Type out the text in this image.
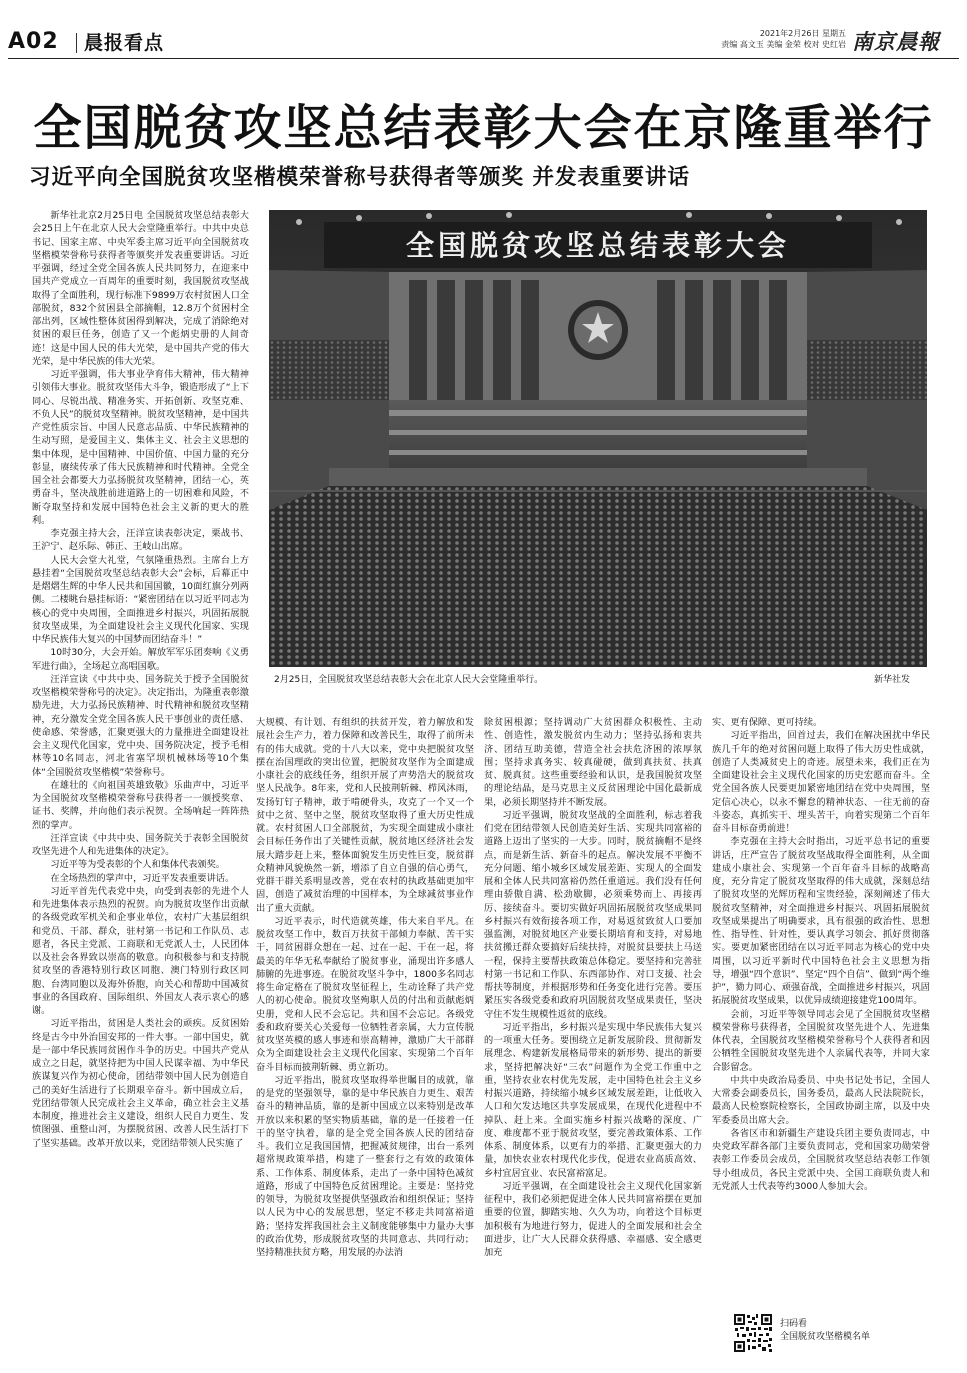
A02 晨报看点	2021年2月26日 星期五
责编 高文玉 美编 金荣 校对 史红岩 南京晨報
全国脱贫攻坚总结表彰大会在京隆重举行
习近平向全国脱贫攻坚楷模荣誉称号获得者等颁奖 并发表重要讲话
全国脱贫攻坚总结表彰大会
2月25日，全国脱贫攻坚总结表彰大会在北京人民大会堂隆重举行。	新华社发

新华社北京2月25日电 全国脱贫攻坚总结表彰大会25日上午在北京人民大会堂隆重举行。中共中央总书记、国家主席、中央军委主席习近平向全国脱贫攻坚楷模荣誉称号获得者等颁奖并发表重要讲话。习近平强调，经过全党全国各族人民共同努力，在迎来中国共产党成立一百周年的重要时刻，我国脱贫攻坚战取得了全面胜利，现行标准下9899万农村贫困人口全部脱贫，832个贫困县全部摘帽，12.8万个贫困村全部出列，区域性整体贫困得到解决，完成了消除绝对贫困的艰巨任务，创造了又一个彪炳史册的人间奇迹！这是中国人民的伟大光荣，是中国共产党的伟大光荣，是中华民族的伟大光荣。

习近平强调，伟大事业孕育伟大精神，伟大精神引领伟大事业。脱贫攻坚伟大斗争，锻造形成了“上下同心、尽锐出战、精准务实、开拓创新、攻坚克难、不负人民”的脱贫攻坚精神。脱贫攻坚精神，是中国共产党性质宗旨、中国人民意志品质、中华民族精神的生动写照，是爱国主义、集体主义、社会主义思想的集中体现，是中国精神、中国价值、中国力量的充分彰显，赓续传承了伟大民族精神和时代精神。全党全国全社会都要大力弘扬脱贫攻坚精神，团结一心，英勇奋斗，坚决战胜前进道路上的一切困难和风险，不断夺取坚持和发展中国特色社会主义新的更大的胜利。

李克强主持大会，汪洋宣读表彰决定，栗战书、王沪宁、赵乐际、韩正、王岐山出席。

人民大会堂大礼堂，气氛隆重热烈。主席台上方悬挂着“全国脱贫攻坚总结表彰大会”会标，后幕正中是熠熠生辉的中华人民共和国国徽，10面红旗分列两侧。二楼眺台悬挂标语：“紧密团结在以习近平同志为核心的党中央周围，全面推进乡村振兴，巩固拓展脱贫攻坚成果，为全面建设社会主义现代化国家、实现中华民族伟大复兴的中国梦而团结奋斗！”

10时30分，大会开始。解放军军乐团奏响《义勇军进行曲》，全场起立高唱国歌。

汪洋宣读《中共中央、国务院关于授予全国脱贫攻坚楷模荣誉称号的决定》。决定指出，为隆重表彰激励先进，大力弘扬民族精神、时代精神和脱贫攻坚精神，充分激发全党全国各族人民干事创业的责任感、使命感、荣誉感，汇聚更强大的力量推进全面建设社会主义现代化国家，党中央、国务院决定，授予毛相林等10名同志，河北省塞罕坝机械林场等10个集体“全国脱贫攻坚楷模”荣誉称号。

在雄壮的《向祖国英雄致敬》乐曲声中，习近平为全国脱贫攻坚楷模荣誉称号获得者一一颁授奖章、证书、奖牌，并向他们表示祝贺。全场响起一阵阵热烈的掌声。

汪洋宣读《中共中央、国务院关于表彰全国脱贫攻坚先进个人和先进集体的决定》。

习近平等为受表彰的个人和集体代表颁奖。

在全场热烈的掌声中，习近平发表重要讲话。

习近平首先代表党中央，向受到表彰的先进个人和先进集体表示热烈的祝贺。向为脱贫攻坚作出贡献的各级党政军机关和企事业单位，农村广大基层组织和党员、干部、群众，驻村第一书记和工作队员、志愿者，各民主党派、工商联和无党派人士，人民团体以及社会各界致以崇高的敬意。向积极参与和支持脱贫攻坚的香港特别行政区同胞、澳门特别行政区同胞、台湾同胞以及海外侨胞，向关心和帮助中国减贫事业的各国政府、国际组织、外国友人表示衷心的感谢。

习近平指出，贫困是人类社会的顽疾。反贫困始终是古今中外治国安邦的一件大事。一部中国史，就是一部中华民族同贫困作斗争的历史。中国共产党从成立之日起，就坚持把为中国人民谋幸福、为中华民族谋复兴作为初心使命，团结带领中国人民为创造自己的美好生活进行了长期艰辛奋斗。新中国成立后，党团结带领人民完成社会主义革命，确立社会主义基本制度，推进社会主义建设，组织人民自力更生、发愤图强、重整山河，为摆脱贫困、改善人民生活打下了坚实基础。改革开放以来，党团结带领人民实施了

大规模、有计划、有组织的扶贫开发，着力解放和发展社会生产力，着力保障和改善民生，取得了前所未有的伟大成就。党的十八大以来，党中央把脱贫攻坚摆在治国理政的突出位置，把脱贫攻坚作为全面建成小康社会的底线任务，组织开展了声势浩大的脱贫攻坚人民战争。8年来，党和人民披荆斩棘、栉风沐雨，发扬钉钉子精神，敢于啃硬骨头，攻克了一个又一个贫中之贫、坚中之坚，脱贫攻坚取得了重大历史性成就。农村贫困人口全部脱贫，为实现全面建成小康社会目标任务作出了关键性贡献，脱贫地区经济社会发展大踏步赶上来，整体面貌发生历史性巨变，脱贫群众精神风貌焕然一新，增添了自立自强的信心勇气，党群干群关系明显改善，党在农村的执政基础更加牢固，创造了减贫治理的中国样本，为全球减贫事业作出了重大贡献。

习近平表示，时代造就英雄，伟大来自平凡。在脱贫攻坚工作中，数百万扶贫干部倾力奉献、苦干实干，同贫困群众想在一起、过在一起、干在一起，将最美的年华无私奉献给了脱贫事业，涌现出许多感人肺腑的先进事迹。在脱贫攻坚斗争中，1800多名同志将生命定格在了脱贫攻坚征程上，生动诠释了共产党人的初心使命。脱贫攻坚殉职人员的付出和贡献彪炳史册，党和人民不会忘记。共和国不会忘记。各级党委和政府要关心关爱每一位牺牲者亲属，大力宣传脱贫攻坚英模的感人事迹和崇高精神，激励广大干部群众为全面建设社会主义现代化国家、实现第二个百年奋斗目标而披荆斩棘、勇立新功。

习近平指出，脱贫攻坚取得举世瞩目的成就，靠的是党的坚强领导，靠的是中华民族自力更生、艰苦奋斗的精神品质，靠的是新中国成立以来特别是改革开放以来积累的坚实物质基础，靠的是一任接着一任干的坚守执着，靠的是全党全国各族人民的团结奋斗。我们立足我国国情，把握减贫规律，出台一系列超常规政策举措，构建了一整套行之有效的政策体系、工作体系、制度体系，走出了一条中国特色减贫道路，形成了中国特色反贫困理论。主要是：坚持党的领导，为脱贫攻坚提供坚强政治和组织保证；坚持以人民为中心的发展思想，坚定不移走共同富裕道路；坚持发挥我国社会主义制度能够集中力量办大事的政治优势，形成脱贫攻坚的共同意志、共同行动；坚持精准扶贫方略，用发展的办法消

除贫困根源；坚持调动广大贫困群众积极性、主动性、创造性，激发脱贫内生动力；坚持弘扬和衷共济、团结互助美德，营造全社会扶危济困的浓厚氛围；坚持求真务实、较真碰硬，做到真扶贫、扶真贫、脱真贫。这些重要经验和认识，是我国脱贫攻坚的理论结晶，是马克思主义反贫困理论中国化最新成果，必须长期坚持并不断发展。

习近平强调，脱贫攻坚战的全面胜利，标志着我们党在团结带领人民创造美好生活、实现共同富裕的道路上迈出了坚实的一大步。同时，脱贫摘帽不是终点，而是新生活、新奋斗的起点。解决发展不平衡不充分问题、缩小城乡区域发展差距、实现人的全面发展和全体人民共同富裕仍然任重道远。我们没有任何理由骄傲自满、松劲歇脚，必须乘势而上、再接再厉、接续奋斗。要切实做好巩固拓展脱贫攻坚成果同乡村振兴有效衔接各项工作，对易返贫致贫人口要加强监测，对脱贫地区产业要长期培育和支持，对易地扶贫搬迁群众要搞好后续扶持，对脱贫县要扶上马送一程，保持主要帮扶政策总体稳定。要坚持和完善驻村第一书记和工作队、东西部协作、对口支援、社会帮扶等制度，并根据形势和任务变化进行完善。要压紧压实各级党委和政府巩固脱贫攻坚成果责任，坚决守住不发生规模性返贫的底线。

习近平指出，乡村振兴是实现中华民族伟大复兴的一项重大任务。要围绕立足新发展阶段、贯彻新发展理念、构建新发展格局带来的新形势、提出的新要求，坚持把解决好“三农”问题作为全党工作重中之重，坚持农业农村优先发展，走中国特色社会主义乡村振兴道路，持续缩小城乡区域发展差距，让低收入人口和欠发达地区共享发展成果，在现代化进程中不掉队、赶上来。全面实施乡村振兴战略的深度、广度、难度都不亚于脱贫攻坚，要完善政策体系、工作体系、制度体系，以更有力的举措、汇聚更强大的力量，加快农业农村现代化步伐，促进农业高质高效、乡村宜居宜业、农民富裕富足。

习近平强调，在全面建设社会主义现代化国家新征程中，我们必须把促进全体人民共同富裕摆在更加重要的位置，脚踏实地、久久为功，向着这个目标更加积极有为地进行努力，促进人的全面发展和社会全面进步，让广大人民群众获得感、幸福感、安全感更加充

实、更有保障、更可持续。

习近平指出，回首过去，我们在解决困扰中华民族几千年的绝对贫困问题上取得了伟大历史性成就，创造了人类减贫史上的奇迹。展望未来，我们正在为全面建设社会主义现代化国家的历史宏愿而奋斗。全党全国各族人民要更加紧密地团结在党中央周围，坚定信心决心，以永不懈怠的精神状态、一往无前的奋斗姿态，真抓实干、埋头苦干，向着实现第二个百年奋斗目标奋勇前进！

李克强在主持大会时指出，习近平总书记的重要讲话，庄严宣告了脱贫攻坚战取得全面胜利，从全面建成小康社会、实现第一个百年奋斗目标的战略高度，充分肯定了脱贫攻坚取得的伟大成就，深刻总结了脱贫攻坚的光辉历程和宝贵经验，深刻阐述了伟大脱贫攻坚精神，对全面推进乡村振兴、巩固拓展脱贫攻坚成果提出了明确要求，具有很强的政治性、思想性、指导性、针对性，要认真学习领会、抓好贯彻落实。要更加紧密团结在以习近平同志为核心的党中央周围，以习近平新时代中国特色社会主义思想为指导，增强“四个意识”、坚定“四个自信”、做到“两个维护”，勠力同心、顽强奋战，全面推进乡村振兴，巩固拓展脱贫攻坚成果，以优异成绩迎接建党100周年。

会前，习近平等领导同志会见了全国脱贫攻坚楷模荣誉称号获得者，全国脱贫攻坚先进个人、先进集体代表，全国脱贫攻坚楷模荣誉称号个人获得者和因公牺牲全国脱贫攻坚先进个人亲属代表等，并同大家合影留念。

中共中央政治局委员、中央书记处书记，全国人大常委会副委员长，国务委员，最高人民法院院长，最高人民检察院检察长，全国政协副主席，以及中央军委委员出席大会。

各省区市和新疆生产建设兵团主要负责同志，中央党政军群各部门主要负责同志，党和国家功勋荣誉表彰工作委员会成员，全国脱贫攻坚总结表彰工作领导小组成员，各民主党派中央、全国工商联负责人和无党派人士代表等约3000人参加大会。

扫码看
全国脱贫攻坚楷模名单
